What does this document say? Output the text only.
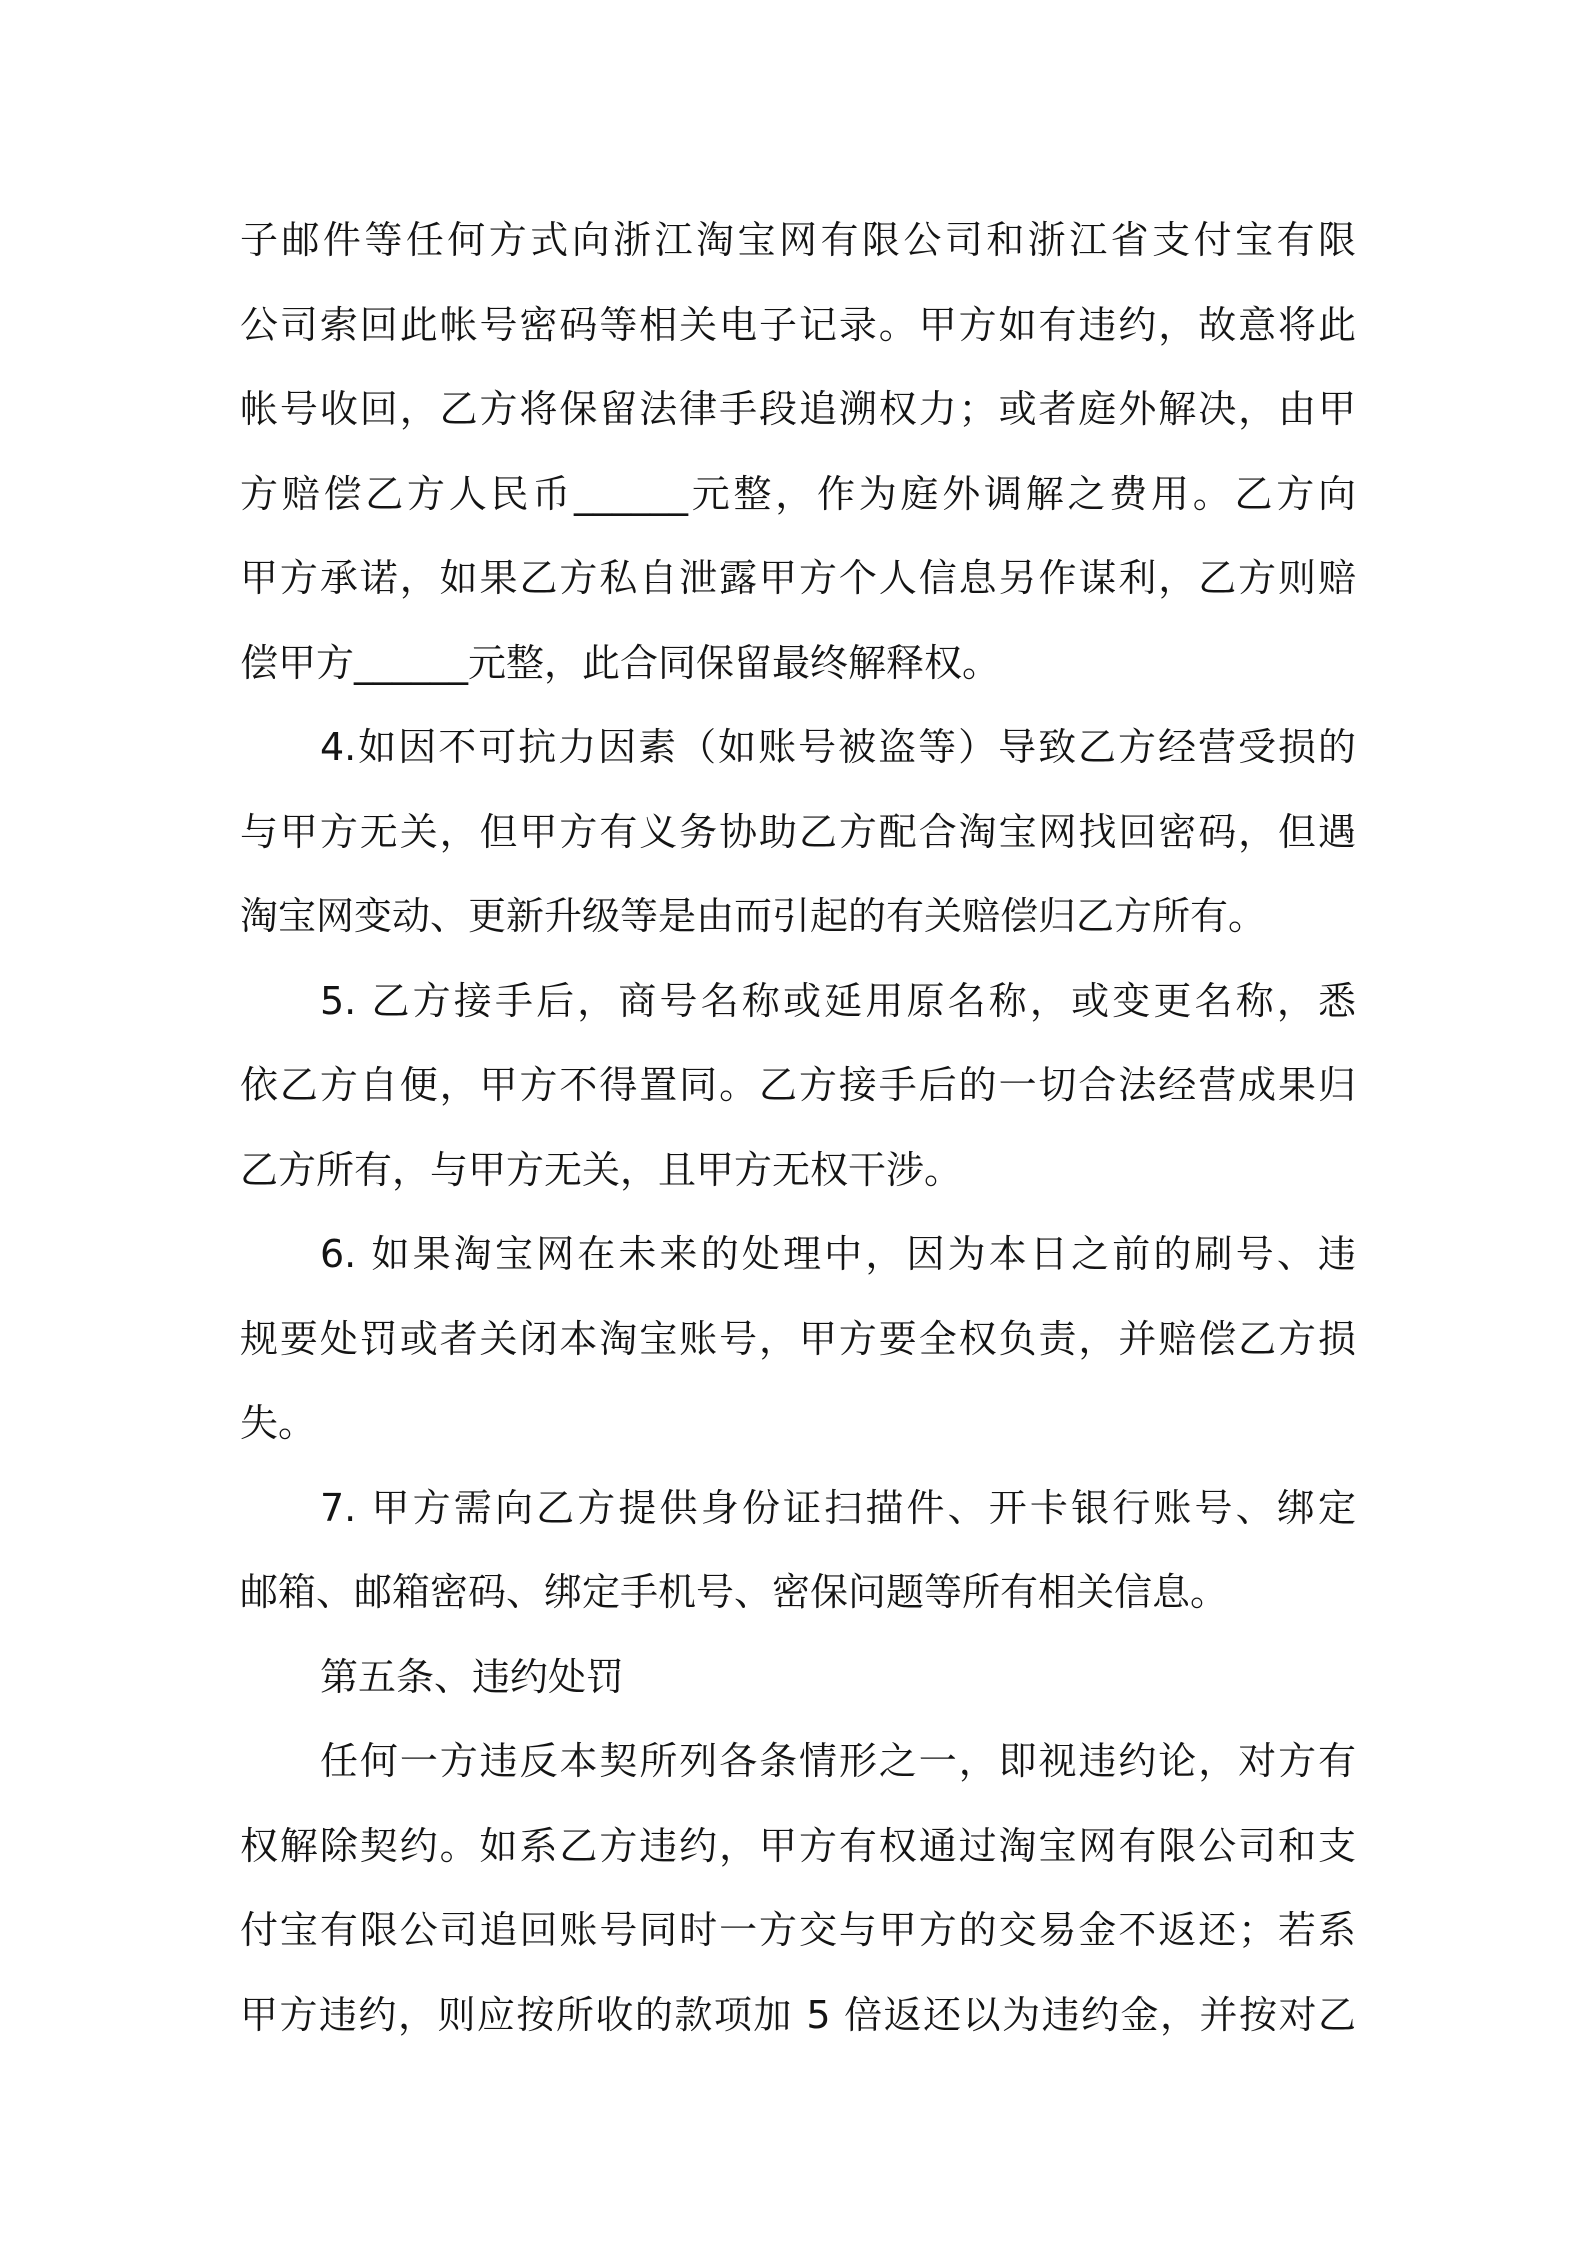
子邮件等任何方式向浙江淘宝网有限公司和浙江省支付宝有限
公司索回此帐号密码等相关电子记录。甲方如有违约，故意将此
帐号收回，乙方将保留法律手段追溯权力；或者庭外解决，由甲
方赔偿乙方人民币______元整，作为庭外调解之费用。乙方向
甲方承诺，如果乙方私自泄露甲方个人信息另作谋利，乙方则赔
偿甲方______元整，此合同保留最终解释权。
4.如因不可抗力因素（如账号被盗等）导致乙方经营受损的
与甲方无关，但甲方有义务协助乙方配合淘宝网找回密码，但遇
淘宝网变动、更新升级等是由而引起的有关赔偿归乙方所有。
5. 乙方接手后，商号名称或延用原名称，或变更名称，悉
依乙方自便，甲方不得置同。乙方接手后的一切合法经营成果归
乙方所有，与甲方无关，且甲方无权干涉。
6. 如果淘宝网在未来的处理中，因为本日之前的刷号、违
规要处罚或者关闭本淘宝账号，甲方要全权负责，并赔偿乙方损
失。
7. 甲方需向乙方提供身份证扫描件、开卡银行账号、绑定
邮箱、邮箱密码、绑定手机号、密保问题等所有相关信息。
第五条、违约处罚
任何一方违反本契所列各条情形之一，即视违约论，对方有
权解除契约。如系乙方违约，甲方有权通过淘宝网有限公司和支
付宝有限公司追回账号同时一方交与甲方的交易金不返还；若系
甲方违约，则应按所收的款项加 5 倍返还以为违约金，并按对乙
